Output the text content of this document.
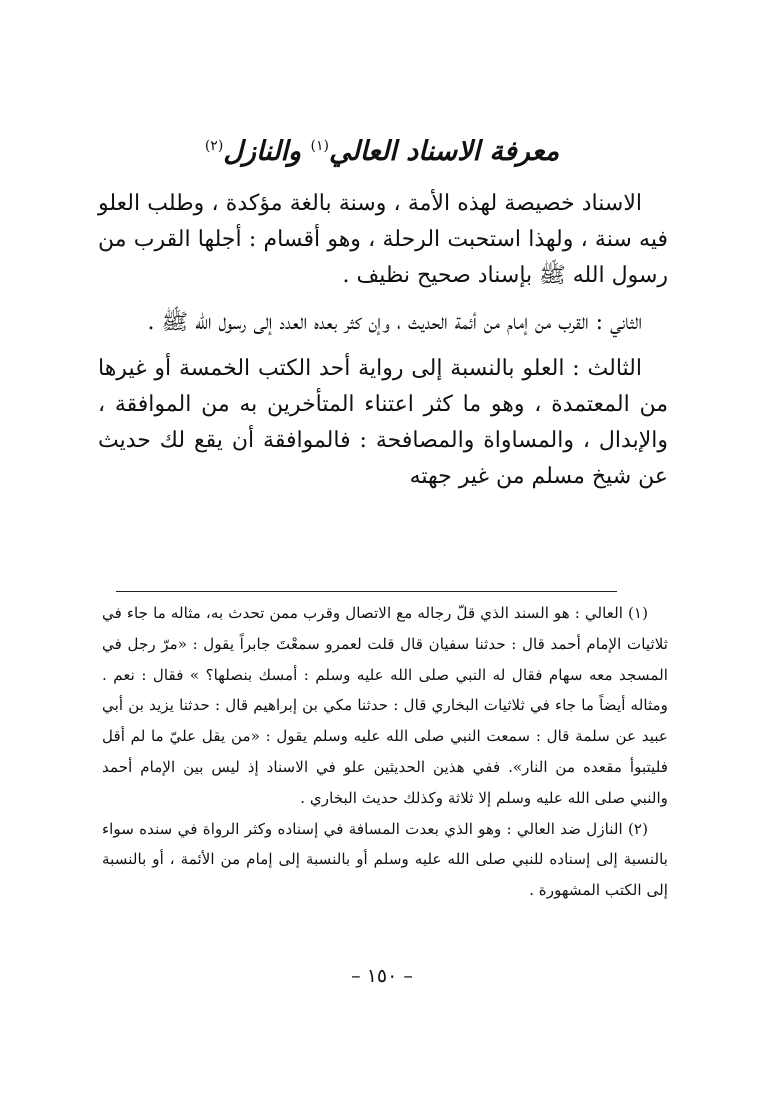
معرفة الاسناد العالي$^{(١)}$ والنازل$^{(٢)}$

الاسناد خصيصة لهذه الأمة ، وسنة بالغة مؤكدة ، وطلب العلو فيه سنة ، ولهذا استحبت الرحلة ، وهو أقسام : أجلها القرب من رسول الله ﷺ بإسناد صحيح نظيف .

الثاني : القرب من إمام من أئمة الحديث ، وإن كثر بعده العدد إلى رسول الله ﷺ .

الثالث : العلو بالنسبة إلى رواية أحد الكتب الخمسة أو غيرها من المعتمدة ، وهو ما كثر اعتناء المتأخرين به من الموافقة ، والإبدال ، والمساواة والمصافحة : فالموافقة أن يقع لك حديث عن شيخ مسلم من غير جهته

(١) العالي : هو السند الذي قلّ رجاله مع الاتصال وقرب ممن تحدث به، مثاله ما جاء في ثلاثيات الإمام أحمد قال : حدثنا سفيان قال قلت لعمرو سمعْتَ جابراً يقول : «مرّ رجل في المسجد معه سهام فقال له النبي صلى الله عليه وسلم : أمسك بنصلها؟ » فقال : نعم . ومثاله أيضاً ما جاء في ثلاثيات البخاري قال : حدثنا مكي بن إبراهيم قال : حدثنا يزيد بن أبي عبيد عن سلمة قال : سمعت النبي صلى الله عليه وسلم يقول : «من يقل عليّ ما لم أقل فليتبوأ مقعده من النار». ففي هذين الحديثين علو في الاسناد إذ ليس بين الإمام أحمد والنبي صلى الله عليه وسلم إلا ثلاثة وكذلك حديث البخاري .

(٢) النازل ضد العالي : وهو الذي بعدت المسافة في إسناده وكثر الرواة في سنده سواء بالنسبة إلى إسناده للنبي صلى الله عليه وسلم أو بالنسبة إلى إمام من الأئمة ، أو بالنسبة إلى الكتب المشهورة .

– ١٥٠ –
